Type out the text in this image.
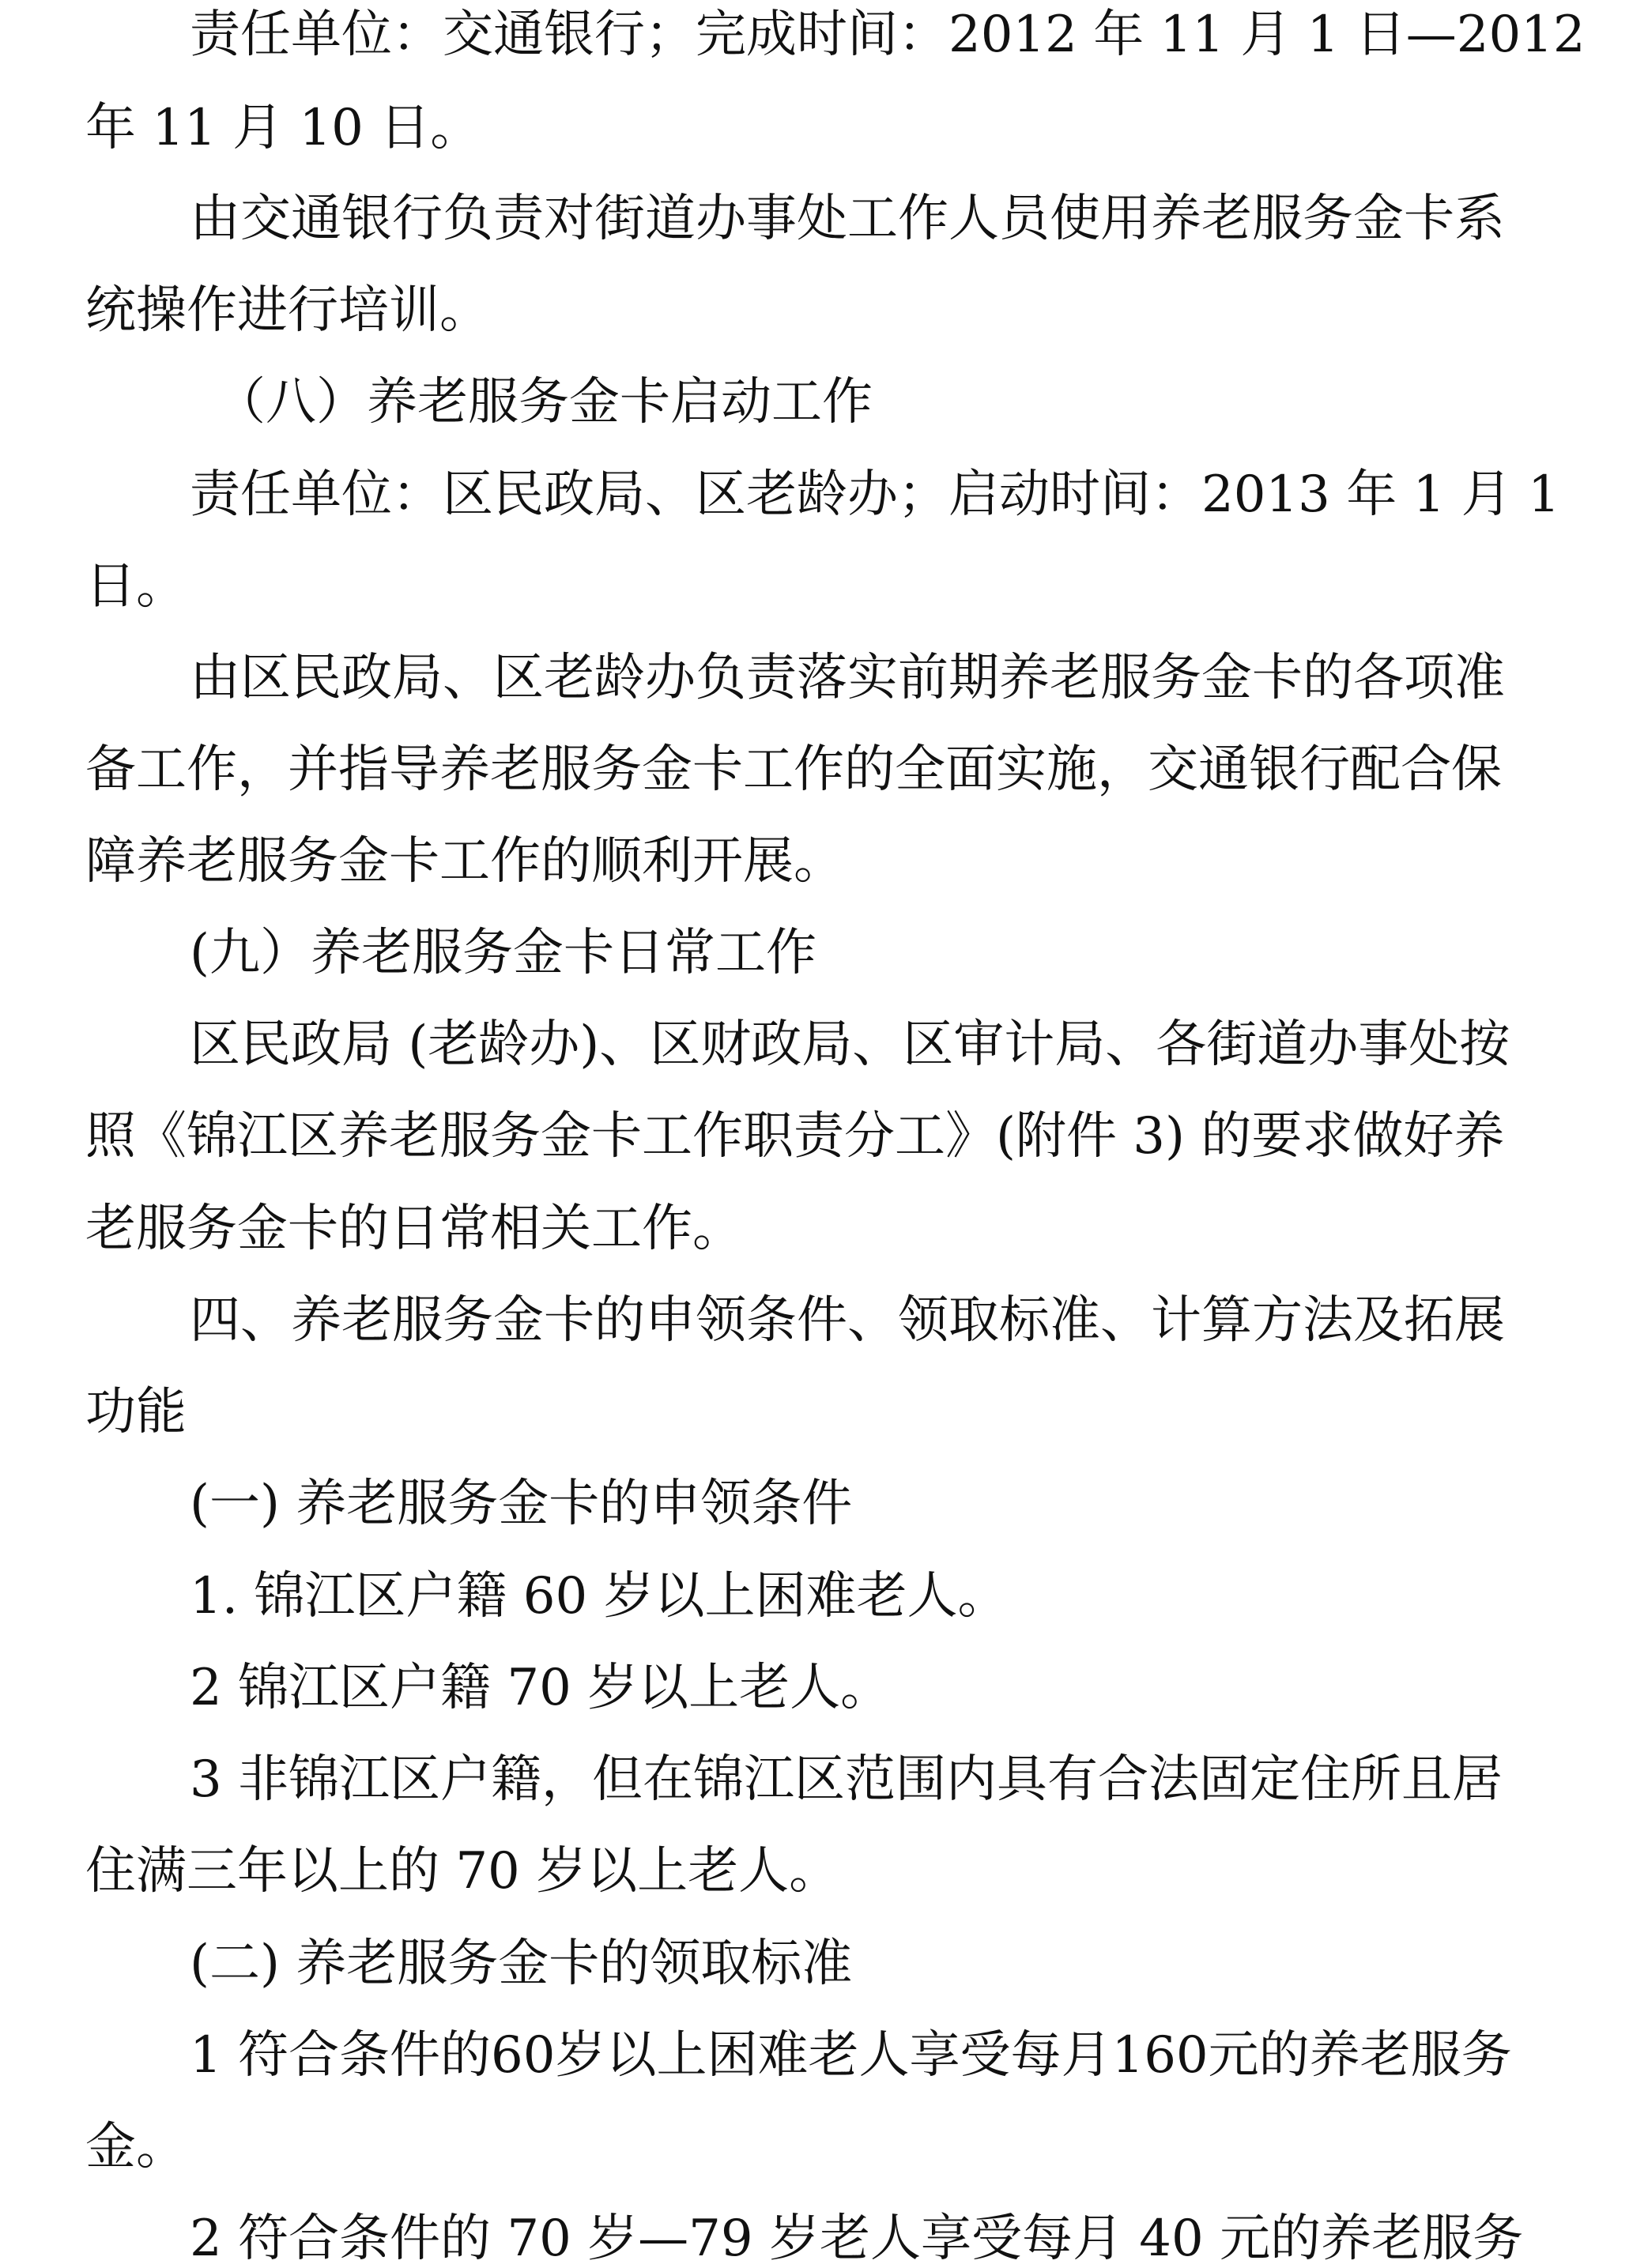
责任单位：交通银行；完成时间：2012 年 11 月 1 日—2012
年 11 月 10 日。
由交通银行负责对街道办事处工作人员使用养老服务金卡系
统操作进行培训。
（八）养老服务金卡启动工作
责任单位：区民政局、区老龄办；启动时间：2013 年 1 月 1
日。
由区民政局、区老龄办负责落实前期养老服务金卡的各项准
备工作，并指导养老服务金卡工作的全面实施，交通银行配合保
障养老服务金卡工作的顺利开展。
(九）养老服务金卡日常工作
区民政局 (老龄办)、区财政局、区审计局、各街道办事处按
照《锦江区养老服务金卡工作职责分工》(附件 3) 的要求做好养
老服务金卡的日常相关工作。
四、养老服务金卡的申领条件、领取标准、计算方法及拓展
功能
(一) 养老服务金卡的申领条件
1. 锦江区户籍 60 岁以上困难老人。
2 锦江区户籍 70 岁以上老人。
3 非锦江区户籍，但在锦江区范围内具有合法固定住所且居
住满三年以上的 70 岁以上老人。
(二) 养老服务金卡的领取标准
1 符合条件的60岁以上困难老人享受每月160元的养老服务
金。
2 符合条件的 70 岁—79 岁老人享受每月 40 元的养老服务
